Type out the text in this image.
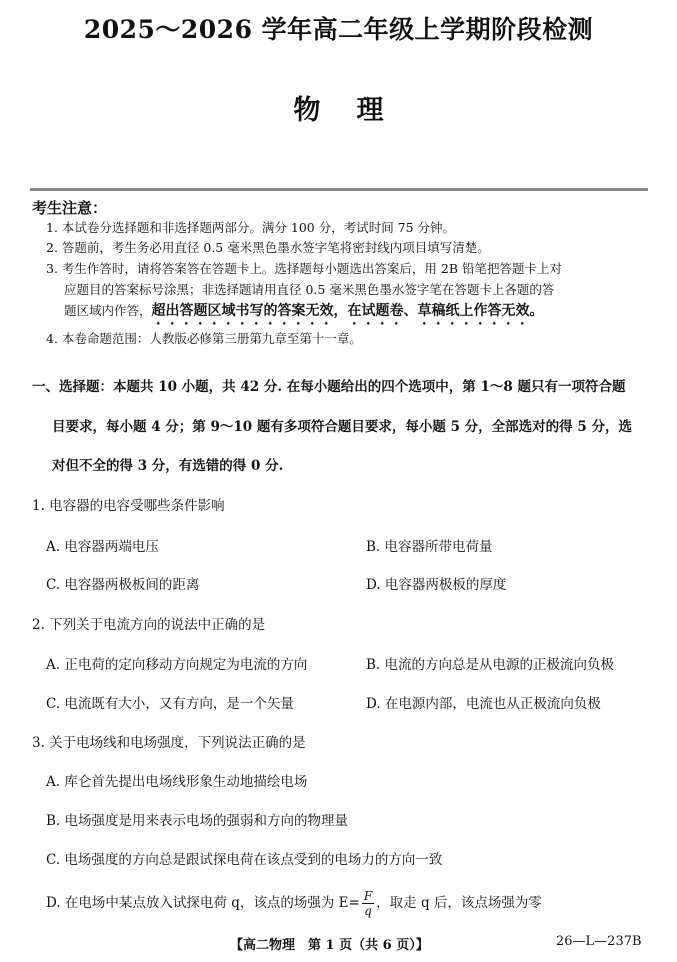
2025～2026 学年高二年级上学期阶段检测
物理
考生注意：
1. 本试卷分选择题和非选择题两部分。满分 100 分，考试时间 75 分钟。
2. 答题前，考生务必用直径 0.5 毫米黑色墨水签字笔将密封线内项目填写清楚。
3. 考生作答时，请将答案答在答题卡上。选择题每小题选出答案后，用 2B 铅笔把答题卡上对
应题目的答案标号涂黑；非选择题请用直径 0.5 毫米黑色墨水签字笔在答题卡上各题的答
题区域内作答，超出答题区域书写的答案无效，在试题卷、草稿纸上作答无效。
4. 本卷命题范围：人教版必修第三册第九章至第十一章。
一、选择题：本题共 10 小题，共 42 分. 在每小题给出的四个选项中，第 1～8 题只有一项符合题
目要求，每小题 4 分；第 9～10 题有多项符合题目要求，每小题 5 分，全部选对的得 5 分，选
对但不全的得 3 分，有选错的得 0 分.
1. 电容器的电容受哪些条件影响
A. 电容器两端电压	B. 电容器所带电荷量
C. 电容器两极板间的距离	D. 电容器两极板的厚度
2. 下列关于电流方向的说法中正确的是
A. 正电荷的定向移动方向规定为电流的方向	B. 电流的方向总是从电源的正极流向负极
C. 电流既有大小，又有方向，是一个矢量	D. 在电源内部，电流也从正极流向负极
3. 关于电场线和电场强度，下列说法正确的是
A. 库仑首先提出电场线形象生动地描绘电场
B. 电场强度是用来表示电场的强弱和方向的物理量
C. 电场强度的方向总是跟试探电荷在该点受到的电场力的方向一致
D. 在电场中某点放入试探电荷 q，该点的场强为 $E= \frac{F}{q}$ ，取走 q 后，该点场强为零
【高二物理　第 1 页（共 6 页）】	26—L—237B
